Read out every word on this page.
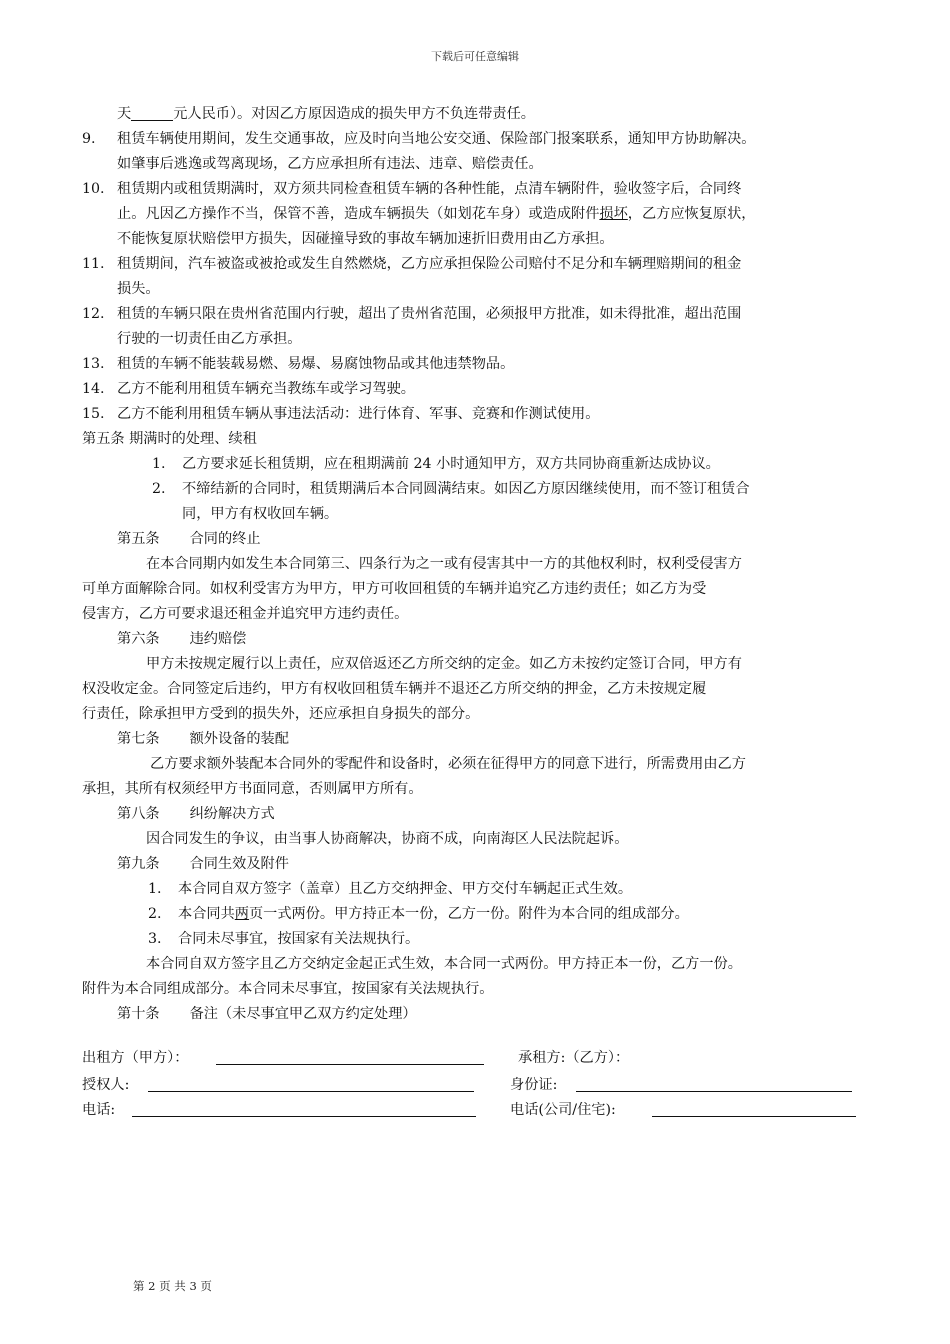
下载后可任意编辑

天	元人民币）。对因乙方原因造成的损失甲方不负连带责任。

9.	租赁车辆使用期间，发生交通事故，应及时向当地公安交通、保险部门报案联系，通知甲方协助解决。

如肇事后逃逸或驾离现场，乙方应承担所有违法、违章、赔偿责任。

10. 租赁期内或租赁期满时，双方须共同检查租赁车辆的各种性能，点清车辆附件，验收签字后，合同终

止。凡因乙方操作不当，保管不善，造成车辆损失（如划花车身）或造成附件损坏，乙方应恢复原状，

不能恢复原状赔偿甲方损失，因碰撞导致的事故车辆加速折旧费用由乙方承担。

11. 租赁期间，汽车被盗或被抢或发生自然燃烧，乙方应承担保险公司赔付不足分和车辆理赔期间的租金

损失。

12. 租赁的车辆只限在贵州省范围内行驶，超出了贵州省范围，必须报甲方批准，如未得批准，超出范围

行驶的一切责任由乙方承担。

13. 租赁的车辆不能装载易燃、易爆、易腐蚀物品或其他违禁物品。

14. 乙方不能利用租赁车辆充当教练车或学习驾驶。

15. 乙方不能利用租赁车辆从事违法活动：进行体育、军事、竞赛和作测试使用。

第五条 期满时的处理、续租

1.	乙方要求延长租赁期，应在租期满前 24 小时通知甲方，双方共同协商重新达成协议。

2.	不缔结新的合同时，租赁期满后本合同圆满结束。如因乙方原因继续使用，而不签订租赁合

同，甲方有权收回车辆。

第五条 合同的终止

在本合同期内如发生本合同第三、四条行为之一或有侵害其中一方的其他权利时，权利受侵害方

可单方面解除合同。如权利受害方为甲方，甲方可收回租赁的车辆并追究乙方违约责任；如乙方为受

侵害方，乙方可要求退还租金并追究甲方违约责任。

第六条 违约赔偿

甲方未按规定履行以上责任，应双倍返还乙方所交纳的定金。如乙方未按约定签订合同，甲方有

权没收定金。合同签定后违约，甲方有权收回租赁车辆并不退还乙方所交纳的押金，乙方未按规定履

行责任，除承担甲方受到的损失外，还应承担自身损失的部分。

第七条 额外设备的装配

乙方要求额外装配本合同外的零配件和设备时，必须在征得甲方的同意下进行，所需费用由乙方

承担，其所有权须经甲方书面同意，否则属甲方所有。

第八条 纠纷解决方式

因合同发生的争议，由当事人协商解决，协商不成，向南海区人民法院起诉。

第九条 合同生效及附件

1.	本合同自双方签字（盖章）且乙方交纳押金、甲方交付车辆起正式生效。

2.	本合同共两页一式两份。甲方持正本一份，乙方一份。附件为本合同的组成部分。

3.	合同未尽事宜，按国家有关法规执行。

本合同自双方签字且乙方交纳定金起正式生效，本合同一式两份。甲方持正本一份，乙方一份。

附件为本合同组成部分。本合同未尽事宜，按国家有关法规执行。

第十条 备注（未尽事宜甲乙双方约定处理）

出租方（甲方）：	承租方:（乙方）：
授权人:	身份证:
电话:	电话(公司/住宅):
第 2 页 共 3 页
